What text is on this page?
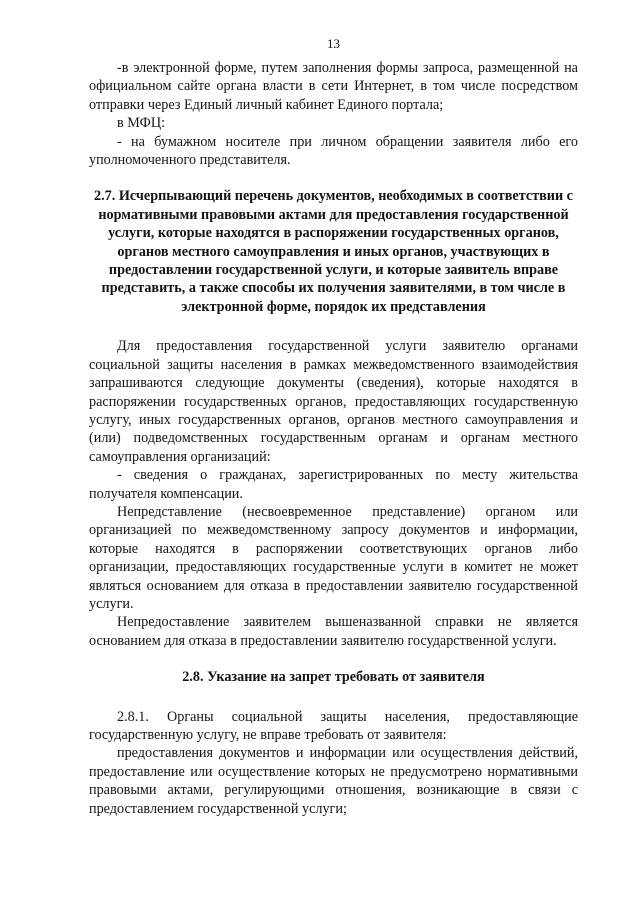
13

-в электронной форме, путем заполнения формы запроса, размещенной на официальном сайте органа власти в сети Интернет, в том числе посредством отправки через Единый личный кабинет Единого портала;

в МФЦ:

- на бумажном носителе при личном обращении заявителя либо его уполномоченного представителя.

2.7. Исчерпывающий перечень документов, необходимых в соответствии с нормативными правовыми актами для предоставления государственной услуги, которые находятся в распоряжении государственных органов, органов местного самоуправления и иных органов, участвующих в предоставлении государственной услуги, и которые заявитель вправе представить, а также способы их получения заявителями, в том числе в электронной форме, порядок их представления

Для предоставления государственной услуги заявителю органами социальной защиты населения в рамках межведомственного взаимодействия запрашиваются следующие документы (сведения), которые находятся в распоряжении государственных органов, предоставляющих государственную услугу, иных государственных органов, органов местного самоуправления и (или) подведомственных государственным органам и органам местного самоуправления организаций:

- сведения о гражданах, зарегистрированных по месту жительства получателя компенсации.

Непредставление (несвоевременное представление) органом или организацией по межведомственному запросу документов и информации, которые находятся в распоряжении соответствующих органов либо организации, предоставляющих государственные услуги в комитет не может являться основанием для отказа в предоставлении заявителю государственной услуги.

Непредоставление заявителем вышеназванной справки не является основанием для отказа в предоставлении заявителю государственной услуги.

2.8. Указание на запрет требовать от заявителя

2.8.1. Органы социальной защиты населения, предоставляющие государственную услугу, не вправе требовать от заявителя:

предоставления документов и информации или осуществления действий, предоставление или осуществление которых не предусмотрено нормативными правовыми актами, регулирующими отношения, возникающие в связи с предоставлением государственной услуги;
